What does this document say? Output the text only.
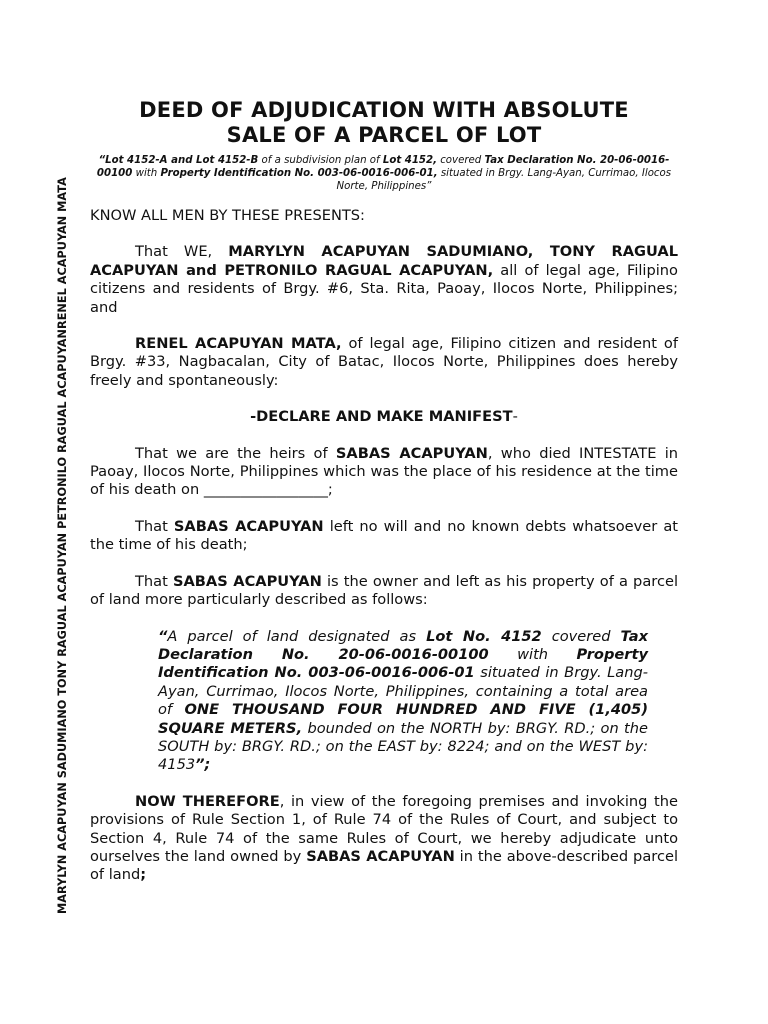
MARYLYN ACAPUYAN SADUMIANO TONY RAGUAL ACAPUYAN PETRONILO RAGUAL ACAPUYANRENEL ACAPUYAN MATA
DEED OF ADJUDICATION WITH ABSOLUTE
SALE OF A PARCEL OF LOT
“Lot 4152-A and Lot 4152-B of a subdivision plan of Lot 4152, covered Tax Declaration No. 20-06-0016-00100 with Property Identification No. 003-06-0016-006-01, situated in Brgy. Lang-Ayan, Currimao, Ilocos Norte, Philippines”

KNOW ALL MEN BY THESE PRESENTS:

That WE, MARYLYN ACAPUYAN SADUMIANO, TONY RAGUAL ACAPUYAN and PETRONILO RAGUAL ACAPUYAN, all of legal age, Filipino citizens and residents of Brgy. #6, Sta. Rita, Paoay, Ilocos Norte, Philippines; and

RENEL ACAPUYAN MATA, of legal age, Filipino citizen and resident of Brgy. #33, Nagbacalan, City of Batac, Ilocos Norte, Philippines does hereby freely and spontaneously:

-DECLARE AND MAKE MANIFEST-

That we are the heirs of SABAS ACAPUYAN, who died INTESTATE in Paoay, Ilocos Norte, Philippines which was the place of his residence at the time of his death on _________________;

That SABAS ACAPUYAN left no will and no known debts whatsoever at the time of his death;

That SABAS ACAPUYAN is the owner and left as his property of a parcel of land more particularly described as follows:

“A parcel of land designated as Lot No. 4152 covered Tax Declaration No. 20-06-0016-00100 with Property Identification No. 003-06-0016-006-01 situated in Brgy. Lang-Ayan, Currimao, Ilocos Norte, Philippines, containing a total area of ONE THOUSAND FOUR HUNDRED AND FIVE (1,405) SQUARE METERS, bounded on the NORTH by: BRGY. RD.; on the SOUTH by: BRGY. RD.; on the EAST by: 8224; and on the WEST by: 4153”;

NOW THEREFORE, in view of the foregoing premises and invoking the provisions of Rule Section 1, of Rule 74 of the Rules of Court, and subject to Section 4, Rule 74 of the same Rules of Court, we hereby adjudicate unto ourselves the land owned by SABAS ACAPUYAN in the above-described parcel of land;
